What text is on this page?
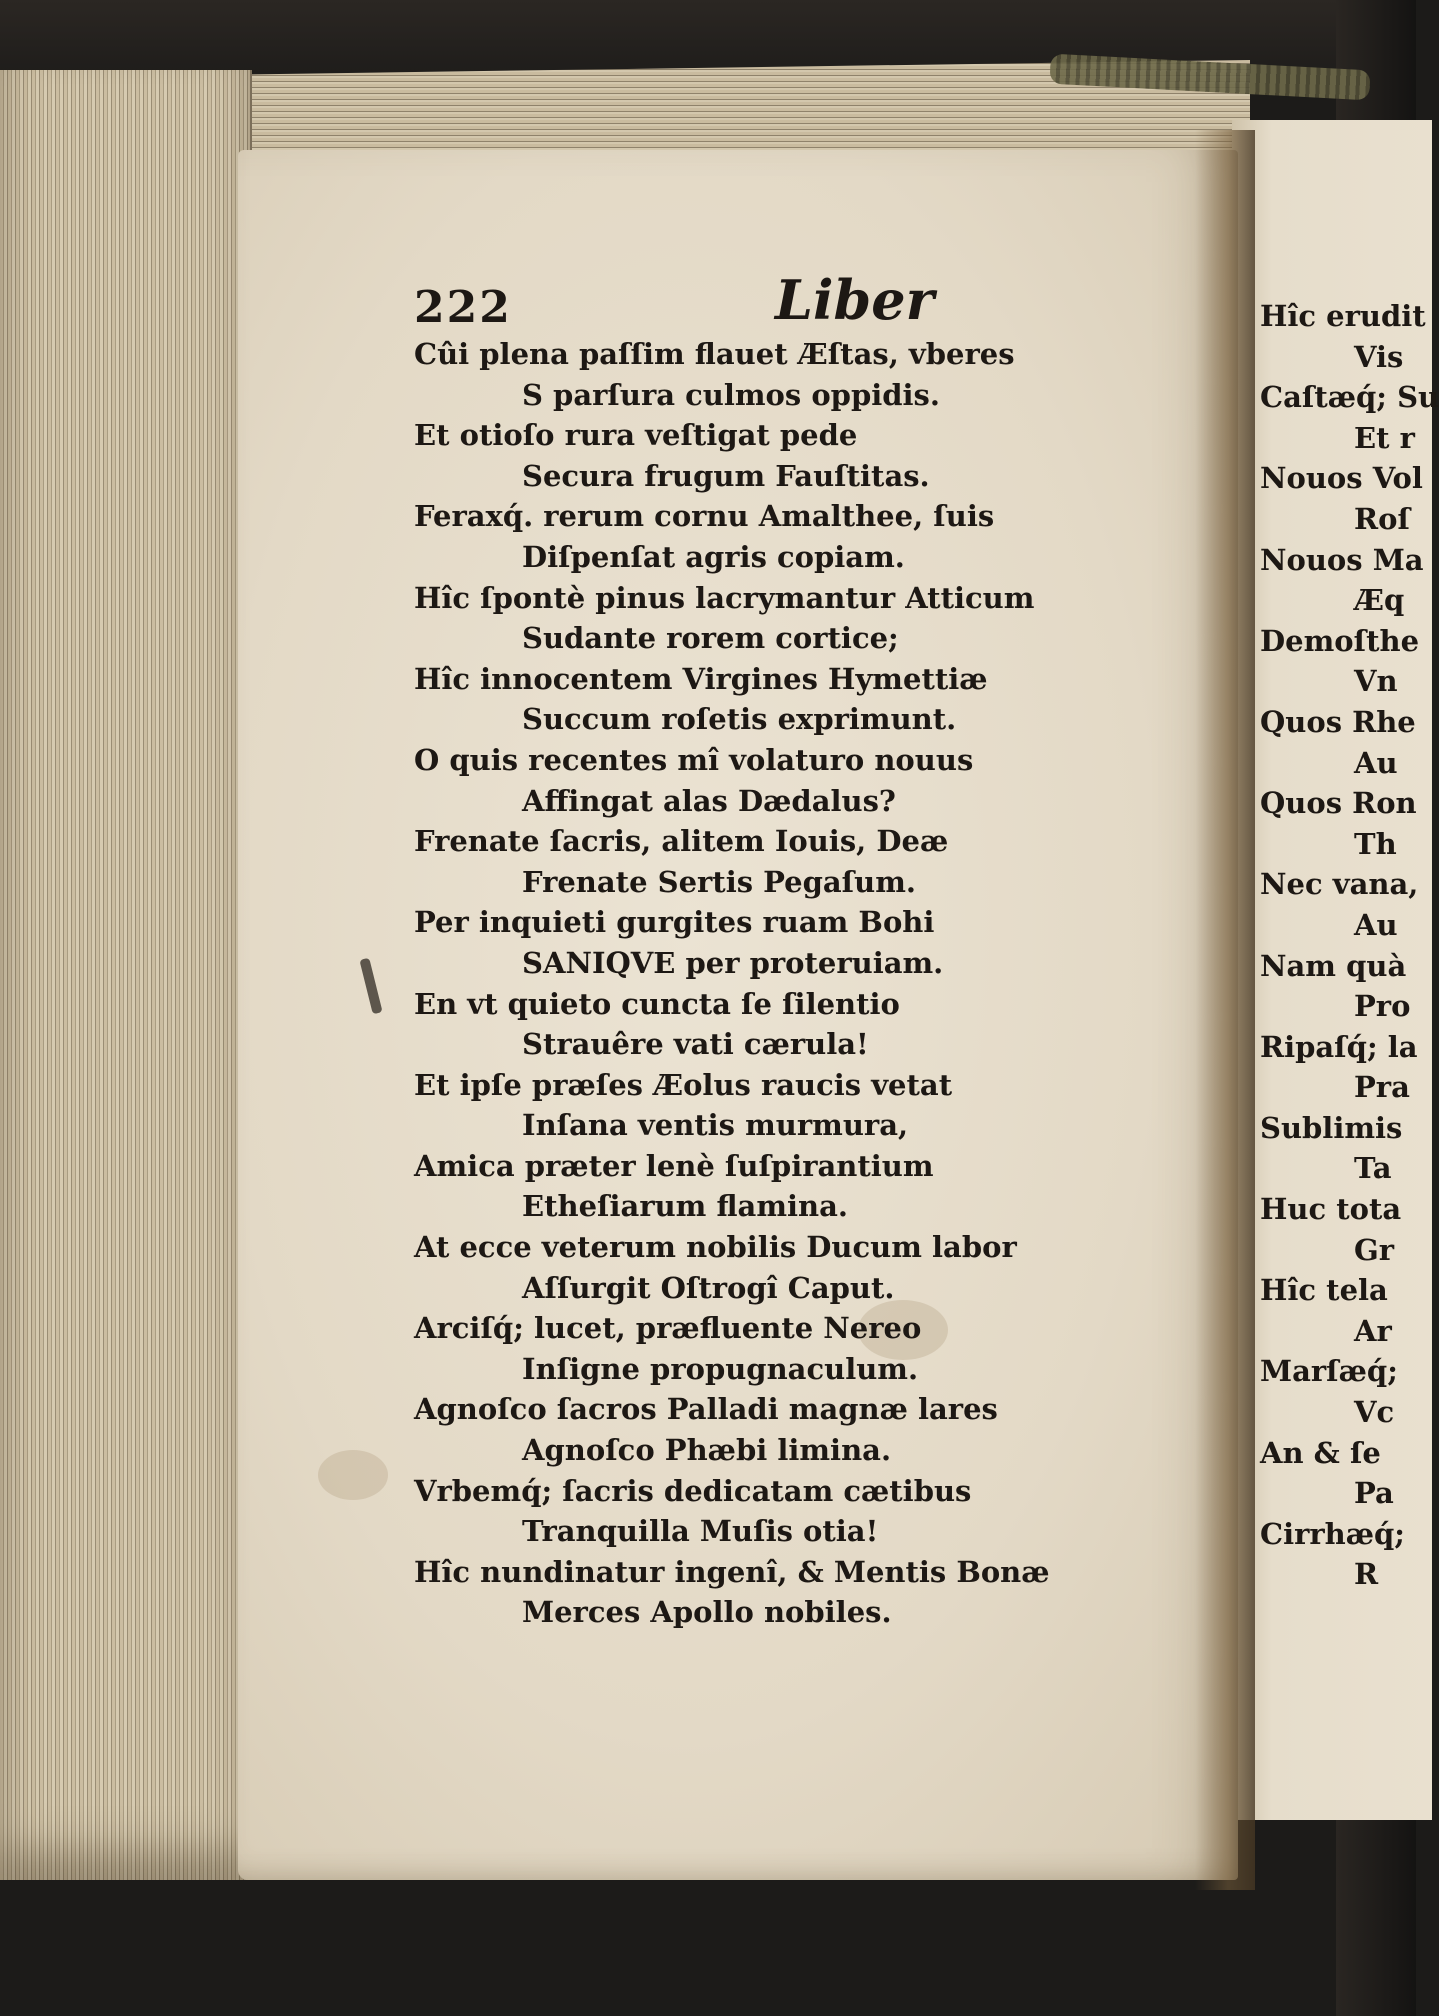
222	Liber
Cûi plena paſſim flauet Æſtas, vberes
S parſura culmos oppidis.
Et otioſo rura veſtigat pede
Secura frugum Fauſtitas.
Feraxq́. rerum cornu Amalthee, ſuis
Diſpenſat agris copiam.
Hîc ſpontè pinus lacrymantur Atticum
Sudante rorem cortice;
Hîc innocentem Virgines Hymettiæ
Succum roſetis exprimunt.
O quis recentes mî volaturo nouus
Affingat alas Dædalus?
Frenate ſacris, alitem Iouis, Deæ
Frenate Sertis Pegaſum.
Per inquieti gurgites ruam Bohi
SANIQVE per proteruiam.
En vt quieto cuncta ſe ſilentio
Strauêre vati cærula!
Et ipſe præſes Æolus raucis vetat
Inſana ventis murmura,
Amica præter lenè ſuſpirantium
Etheſiarum flamina.
At ecce veterum nobilis Ducum labor
Aſſurgit Oſtrogî Caput.
Arciſq́; lucet, præfluente Nereo
Inſigne propugnaculum.
Agnoſco ſacros Palladi magnæ lares
Agnoſco Phæbi limina.
Vrbemq́; ſacris dedicatam cætibus
Tranquilla Muſis otia!
Hîc nundinatur ingenî, & Mentis Bonæ
Merces Apollo nobiles.
Hîc erudit
Vis
Caſtæq́; Su
Et r
Nouos Vol
Roſ
Nouos Ma
Æq
Demoſthe
Vn
Quos Rhe
Au
Quos Ron
Th
Nec vana,
Au
Nam quà
Pro
Ripaſq́; la
Pra
Sublimis
Ta
Huc tota
Gr
Hîc tela
Ar
Marſæq́;
Vc
An & ſe
Pa
Cirrhæq́;
R
